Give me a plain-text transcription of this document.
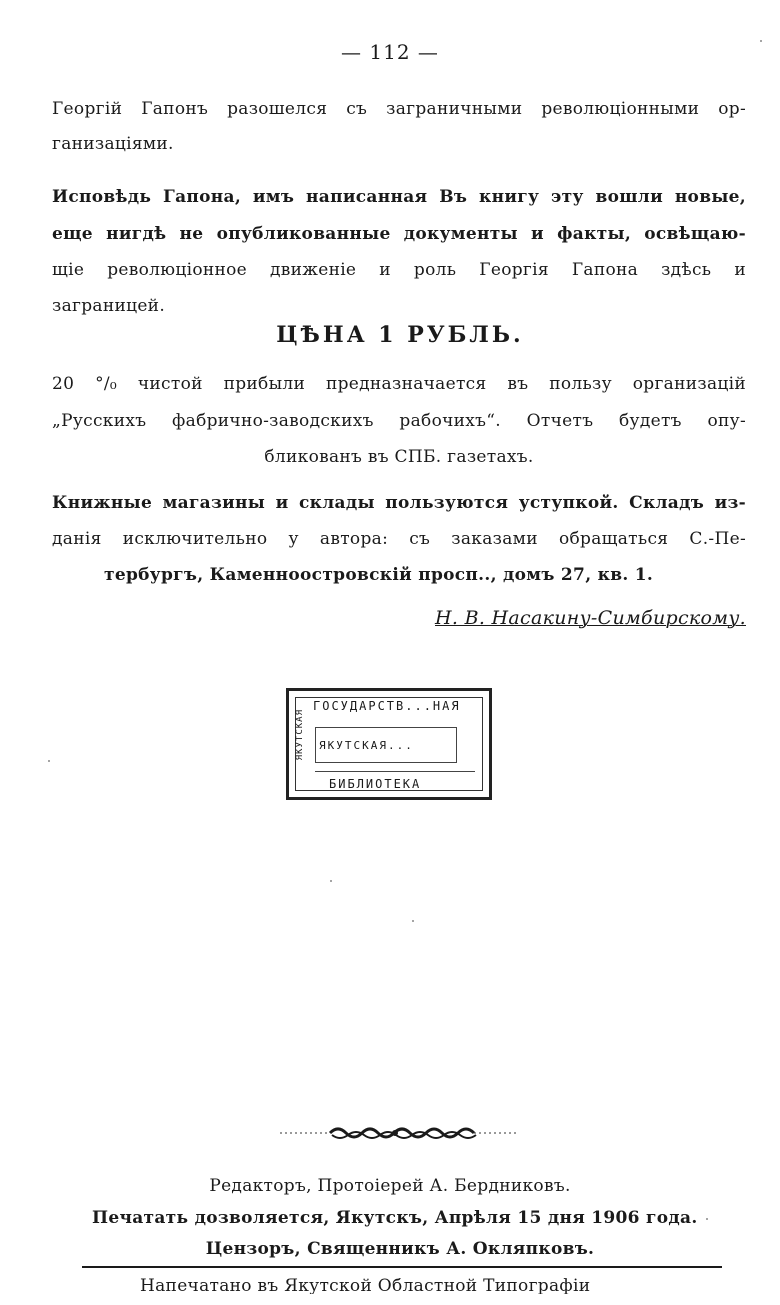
— 112 —
Георгій Гапонъ разошелся съ заграничными революціонными ор-
ганизаціями.
Исповѣдь Гапона, имъ написанная Въ книгу эту вошли новые,
еще нигдѣ не опубликованные документы и факты, освѣщаю-
щіе революціонное движеніе и роль Георгія Гапона здѣсь и
заграницей.
ЦѢНА 1 РУБЛЬ.
20 °/₀ чистой прибыли предназначается въ пользу организацій
„Русскихъ фабрично-заводскихъ рабочихъ“. Отчетъ будетъ опу-
бликованъ въ СПБ. газетахъ.
Книжные магазины и склады пользуются уступкой. Складъ из-
данія исключительно у автора: съ заказами обращаться С.-Пе-
тербургъ, Каменноостровскій просп.., домъ 27, кв. 1.
Н. В. Насакину-Симбирскому.
ЯКУТСКАЯ
ГОСУДАРСТВ...НАЯ
ЯКУТСКАЯ...
БИБЛИОТЕКА
Редакторъ, Протоіерей А. Бердниковъ.
Печатать дозволяется, Якутскъ, Апрѣля 15 дня 1906 года.
Цензоръ, Священникъ А. Окляпковъ.
Напечатано въ Якутской Областной Типографіи
